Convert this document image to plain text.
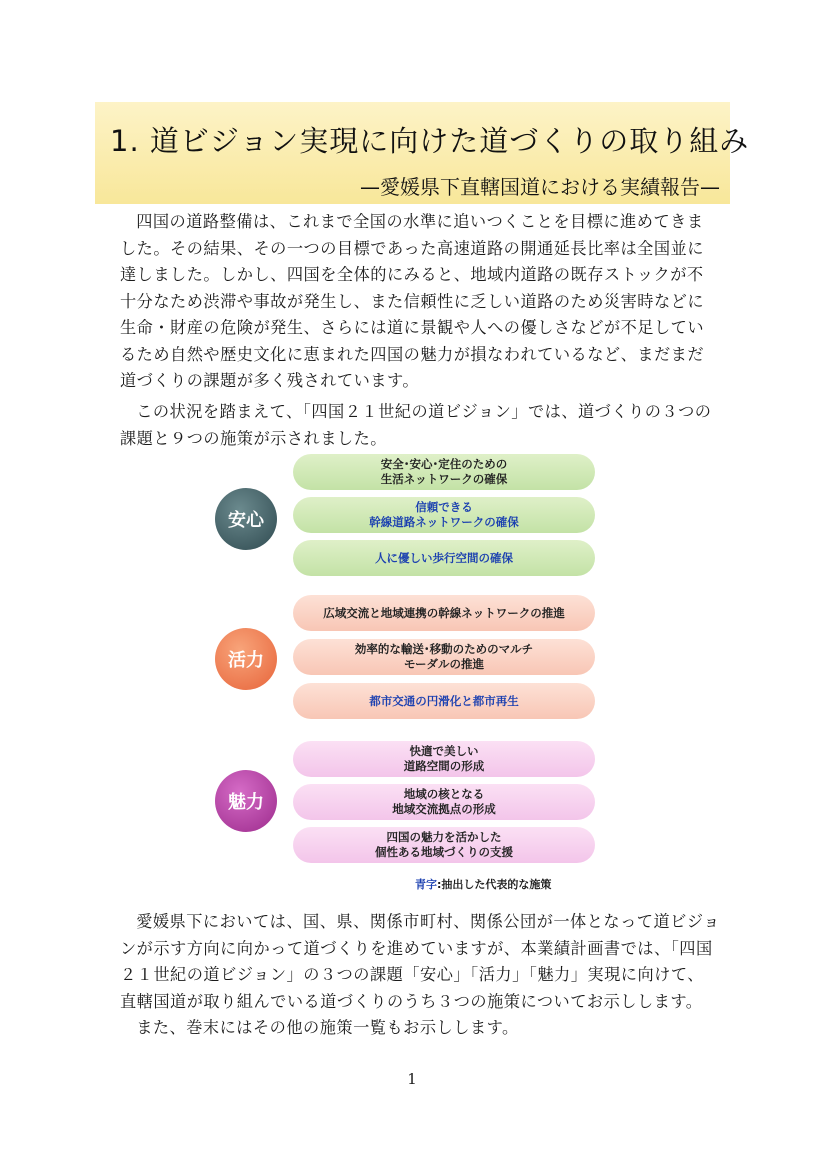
1. 道ビジョン実現に向けた道づくりの取り組み
—愛媛県下直轄国道における実績報告—

四国の道路整備は、これまで全国の水準に追いつくことを目標に進めてきました。その結果、その一つの目標であった高速道路の開通延長比率は全国並に達しました。しかし、四国を全体的にみると、地域内道路の既存ストックが不十分なため渋滞や事故が発生し、また信頼性に乏しい道路のため災害時などに生命・財産の危険が発生、さらには道に景観や人への優しさなどが不足しているため自然や歴史文化に恵まれた四国の魅力が損なわれているなど、まだまだ道づくりの課題が多く残されています。

この状況を踏まえて、「四国２１世紀の道ビジョン」では、道づくりの３つの課題と９つの施策が示されました。

安心
安全･安心･定住のための
生活ネットワークの確保
信頼できる
幹線道路ネットワークの確保
人に優しい歩行空間の確保
活力
広域交流と地域連携の幹線ネットワークの推進
効率的な輸送･移動のためのマルチ
モーダルの推進
都市交通の円滑化と都市再生
魅力
快適で美しい
道路空間の形成
地域の核となる
地域交流拠点の形成
四国の魅力を活かした
個性ある地域づくりの支援
青字:抽出した代表的な施策

愛媛県下においては、国、県、関係市町村、関係公団が一体となって道ビジョンが示す方向に向かって道づくりを進めていますが、本業績計画書では、「四国２１世紀の道ビジョン」の３つの課題「安心」「活力」「魅力」実現に向けて、直轄国道が取り組んでいる道づくりのうち３つの施策についてお示しします。

また、巻末にはその他の施策一覧もお示しします。

1
